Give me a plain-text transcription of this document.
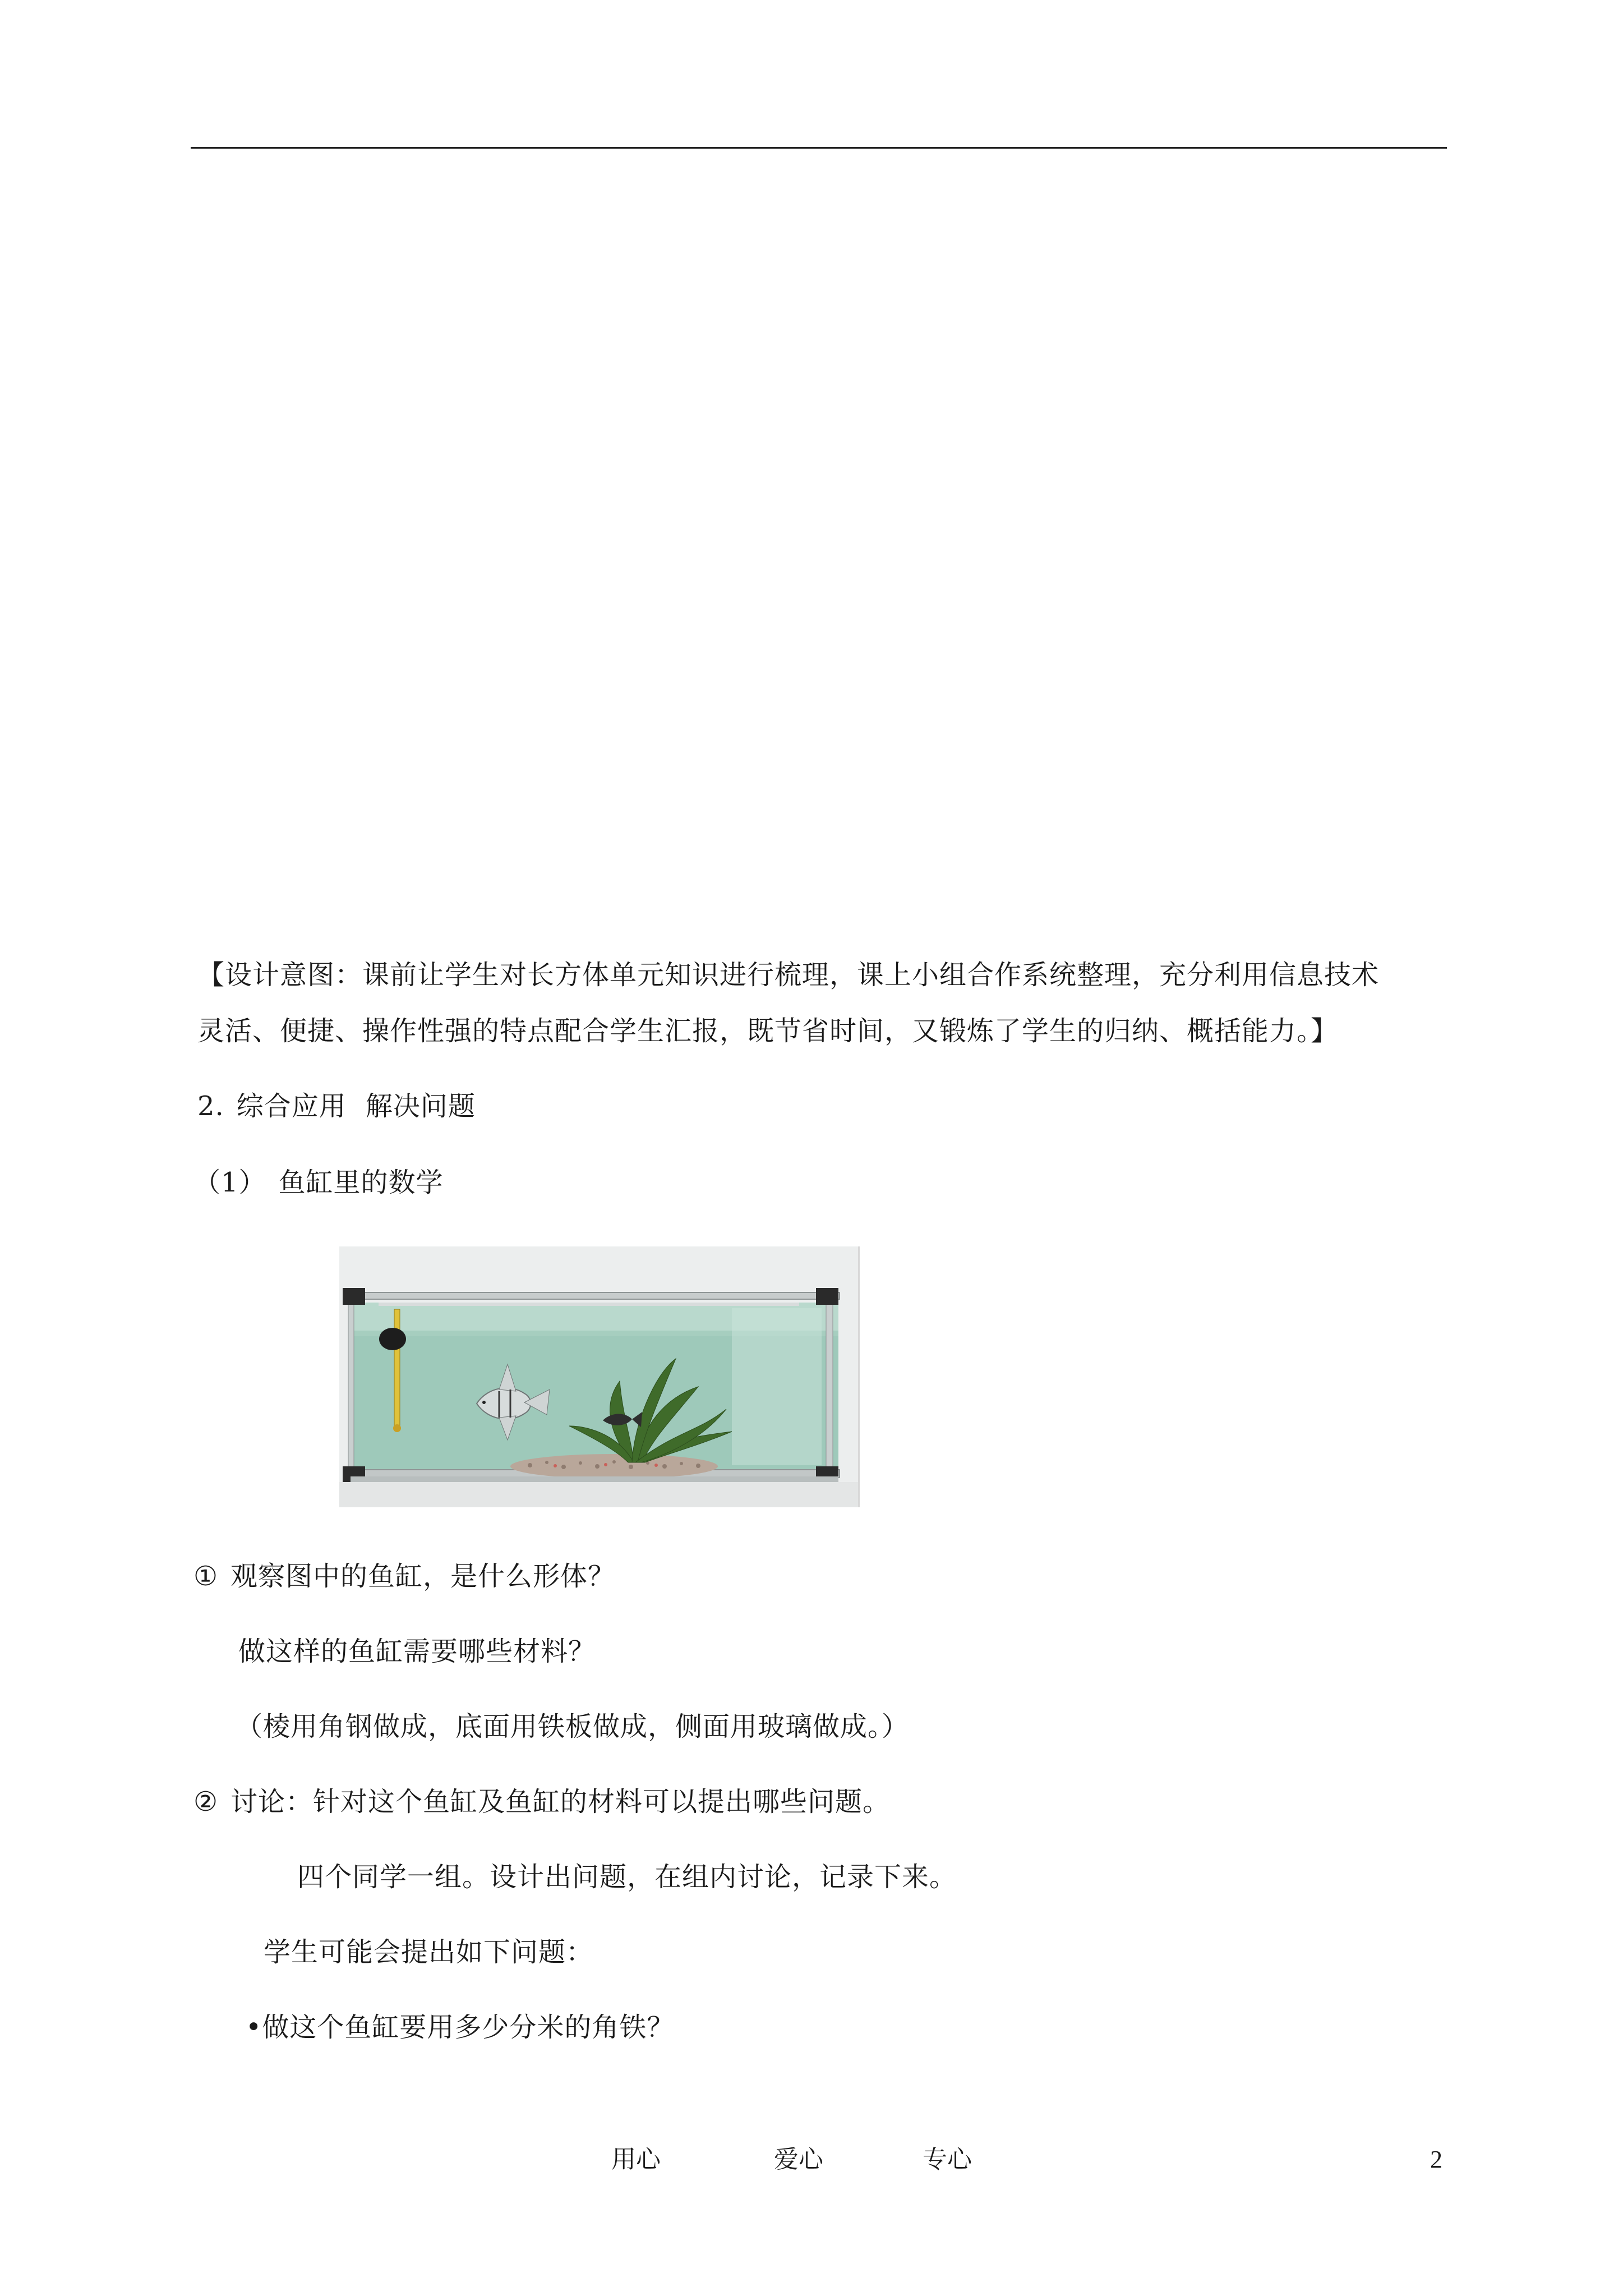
【设计意图：课前让学生对长方体单元知识进行梳理，课上小组合作系统整理，充分利用信息技术
灵活、便捷、操作性强的特点配合学生汇报，既节省时间，又锻炼了学生的归纳、概括能力。】
2. 综合应用 解决问题
（1） 鱼缸里的数学
① 观察图中的鱼缸，是什么形体？
做这样的鱼缸需要哪些材料？
（棱用角钢做成，底面用铁板做成，侧面用玻璃做成。）
② 讨论：针对这个鱼缸及鱼缸的材料可以提出哪些问题。
四个同学一组。设计出问题，在组内讨论，记录下来。
学生可能会提出如下问题：
•做这个鱼缸要用多少分米的角铁？
用心	爱心	专心	2
